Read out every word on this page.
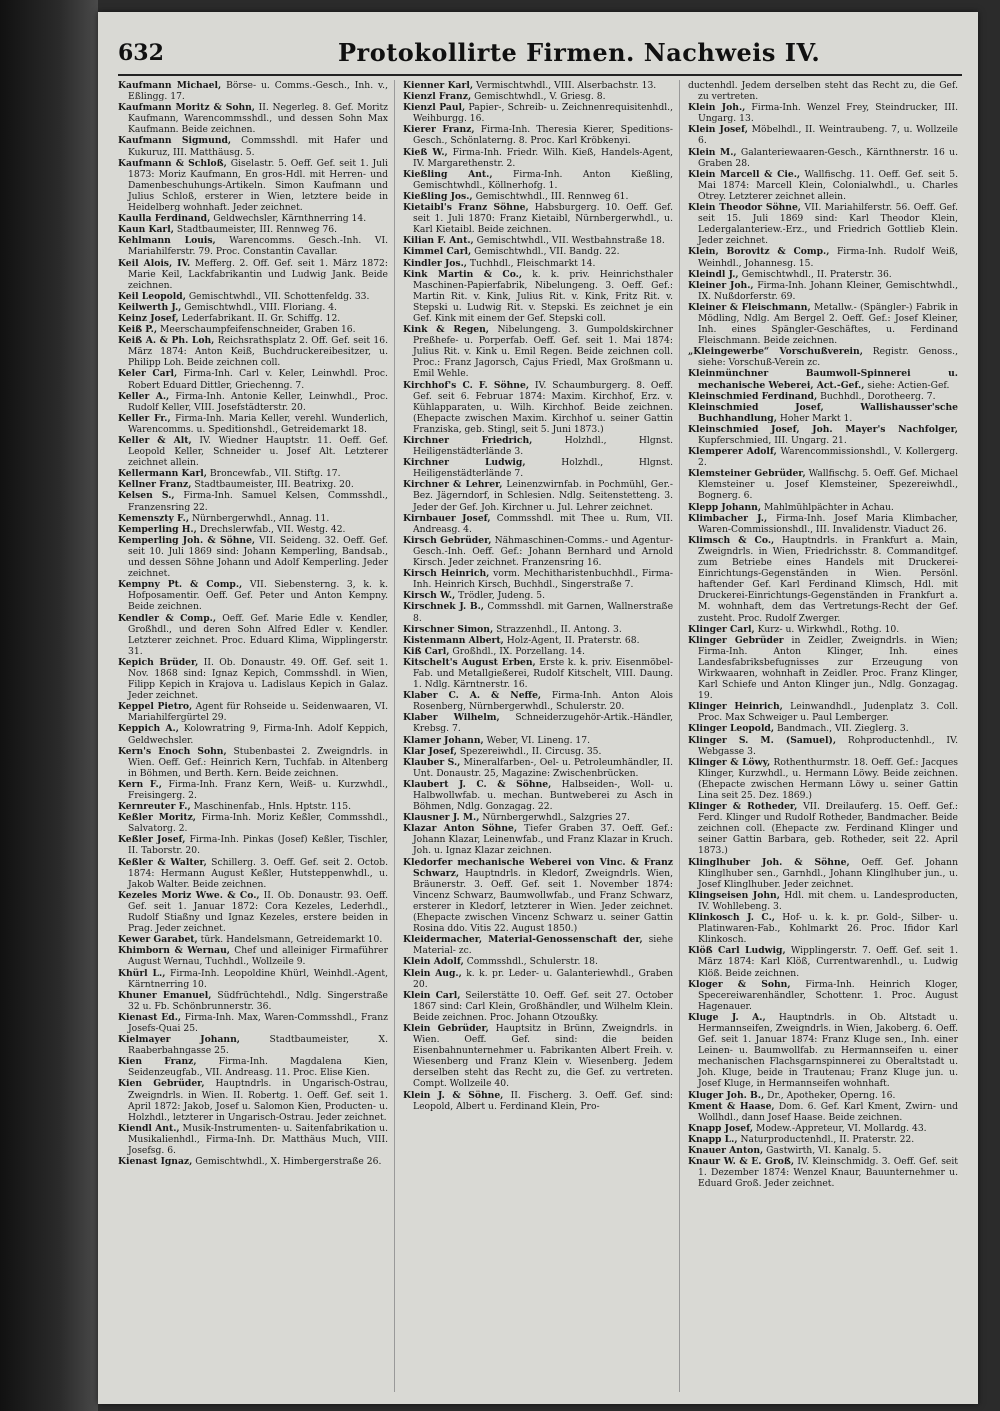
632	Protokollirte Firmen. Nachweis IV.
Kaufmann Michael, Börse- u. Comms.-Gesch., Inh. v., Eßlingg. 17.
Kaufmann Moritz & Sohn, II. Negerleg. 8. Gef. Moritz Kaufmann, Warencommsshdl., und dessen Sohn Max Kaufmann. Beide zeichnen.
Kaufmann Sigmund, Commsshdl. mit Hafer und Kukuruz, III. Matthäusg. 5.
Kaufmann & Schloß, Giselastr. 5. Oeff. Gef. seit 1. Juli 1873: Moriz Kaufmann, En gros-Hdl. mit Herren- und Damenbeschuhungs-Artikeln. Simon Kaufmann und Julius Schloß, ersterer in Wien, letztere beide in Heidelberg wohnhaft. Jeder zeichnet.
Kaulla Ferdinand, Geldwechsler, Kärnthnerring 14.
Kaun Karl, Stadtbaumeister, III. Rennweg 76.
Kehlmann Louis, Warencomms. Gesch.-Inh. VI. Mariahilferstr. 79. Proc. Constantin Cavallar.
Keil Alois, IV. Mefferg. 2. Off. Gef. seit 1. März 1872: Marie Keil, Lackfabrikantin und Ludwig Jank. Beide zeichnen.
Keil Leopold, Gemischtwhdl., VII. Schottenfeldg. 33.
Keilwerth J., Gemischtwhdl., VIII. Floriang. 4.
Keinz Josef, Lederfabrikant. II. Gr. Schiffg. 12.
Keiß P., Meerschaumpfeifenschneider, Graben 16.
Keiß A. & Ph. Loh, Reichsrathsplatz 2. Off. Gef. seit 16. März 1874: Anton Keiß, Buchdruckereibesitzer, u. Philipp Loh. Beide zeichnen coll.
Keler Carl, Firma-Inh. Carl v. Keler, Leinwhdl. Proc. Robert Eduard Dittler, Griechenng. 7.
Keller A., Firma-Inh. Antonie Keller, Leinwhdl., Proc. Rudolf Keller, VIII. Josefstädterstr. 20.
Keller Fr., Firma-Inh. Maria Keller, verehl. Wunderlich, Warencomms. u. Speditionshdl., Getreidemarkt 18.
Keller & Alt, IV. Wiedner Hauptstr. 11. Oeff. Gef. Leopold Keller, Schneider u. Josef Alt. Letzterer zeichnet allein.
Kellermann Karl, Broncewfab., VII. Stiftg. 17.
Kellner Franz, Stadtbaumeister, III. Beatrixg. 20.
Kelsen S., Firma-Inh. Samuel Kelsen, Commsshdl., Franzensring 22.
Kemenszty F., Nürnbergerwhdl., Annag. 11.
Kemperling H., Drechslerwfab., VII. Westg. 42.
Kemperling Joh. & Söhne, VII. Seideng. 32. Oeff. Gef. seit 10. Juli 1869 sind: Johann Kemperling, Bandsab., und dessen Söhne Johann und Adolf Kemperling. Jeder zeichnet.
Kempny Pt. & Comp., VII. Siebensterng. 3, k. k. Hofposamentir. Oeff. Gef. Peter und Anton Kempny. Beide zeichnen.
Kendler & Comp., Oeff. Gef. Marie Edle v. Kendler, Großhdl., und deren Sohn Alfred Edler v. Kendler. Letzterer zeichnet. Proc. Eduard Klima, Wipplingerstr. 31.
Kepich Brüder, II. Ob. Donaustr. 49. Off. Gef. seit 1. Nov. 1868 sind: Ignaz Kepich, Commsshdl. in Wien, Filipp Kepich in Krajova u. Ladislaus Kepich in Galaz. Jeder zeichnet.
Keppel Pietro, Agent für Rohseide u. Seidenwaaren, VI. Mariahilfergürtel 29.
Keppich A., Kolowratring 9, Firma-Inh. Adolf Keppich, Geldwechsler.
Kern's Enoch Sohn, Stubenbastei 2. Zweigndrls. in Wien. Oeff. Gef.: Heinrich Kern, Tuchfab. in Altenberg in Böhmen, und Berth. Kern. Beide zeichnen.
Kern F., Firma-Inh. Franz Kern, Weiß- u. Kurzwhdl., Freisingerg. 2.
Kernreuter F., Maschinenfab., Hnls. Hptstr. 115.
Keßler Moritz, Firma-Inh. Moriz Keßler, Commsshdl., Salvatorg. 2.
Keßler Josef, Firma-Inh. Pinkas (Josef) Keßler, Tischler, II. Taborstr. 20.
Keßler & Walter, Schillerg. 3. Oeff. Gef. seit 2. Octob. 1874: Hermann August Keßler, Hutsteppenwhdl., u. Jakob Walter. Beide zeichnen.
Kezeles Moriz Wwe. & Co., II. Ob. Donaustr. 93. Oeff. Gef. seit 1. Januar 1872: Cora Kezeles, Lederhdl., Rudolf Stiaßny und Ignaz Kezeles, erstere beiden in Prag. Jeder zeichnet.
Kewer Garabet, türk. Handelsmann, Getreidemarkt 10.
Khimborn & Wernau, Chef und alleiniger Firmaführer August Wernau, Tuchhdl., Wollzeile 9.
Khürl L., Firma-Inh. Leopoldine Khürl, Weinhdl.-Agent, Kärntnerring 10.
Khuner Emanuel, Südfrüchtehdl., Ndlg. Singerstraße 32 u. Fb. Schönbrunnerstr. 36.
Kienast Ed., Firma-Inh. Max, Waren-Commsshdl., Franz Josefs-Quai 25.
Kielmayer Johann,	Stadtbaumeister, X. Raaberbahngasse 25.
Kien Franz, Firma-Inh. Magdalena Kien, Seidenzeugfab., VII. Andreasg. 11. Proc. Elise Kien.
Kien Gebrüder, Hauptndrls. in Ungarisch-Ostrau, Zweigndrls. in Wien. II. Robertg. 1. Oeff. Gef. seit 1. April 1872: Jakob, Josef u. Salomon Kien, Producten- u. Holzhdl., letzterer in Ungarisch-Ostrau. Jeder zeichnet.
Kiendl Ant., Musik-Instrumenten- u. Saitenfabrikation u. Musikalienhdl., Firma-Inh. Dr. Matthäus Much, VIII. Josefsg. 6.
Kienast Ignaz, Gemischtwhdl., X. Himbergerstraße 26.
Kienner Karl, Vermischtwhdl., VIII. Alserbachstr. 13.
Kienzl Franz, Gemischtwhdl., V. Griesg. 8.
Kienzl Paul, Papier-, Schreib- u. Zeichnenrequisitenhdl., Weihburgg. 16.
Kierer Franz, Firma-Inh. Theresia Kierer, Speditions-Gesch., Schönlaterng. 8. Proc. Karl Kröbkenyi.
Kieß W., Firma-Inh. Friedr. Wilh. Kieß, Handels-Agent, IV. Margarethenstr. 2.
Kießling Ant., Firma-Inh. Anton Kießling, Gemischtwhdl., Köllnerhofg. 1.
Kießling Jos., Gemischtwhdl., III. Rennweg 61.
Kietaibl's Franz Söhne, Habsburgerg. 10. Oeff. Gef. seit 1. Juli 1870: Franz Kietaibl, Nürnbergerwhdl., u. Karl Kietaibl. Beide zeichnen.
Kilian F. Ant., Gemischtwhdl., VII. Westbahnstraße 18.
Kimmel Carl, Gemischtwhdl., VII. Bandg. 22.
Kindler Jos., Tuchhdl., Fleischmarkt 14.
Kink Martin & Co., k. k. priv. Heinrichsthaler Maschinen-Papierfabrik, Nibelungeng. 3. Oeff. Gef.: Martin Rit. v. Kink, Julius Rit. v. Kink, Fritz Rit. v. Stepski u. Ludwig Rit. v. Stepski. Es zeichnet je ein Gef. Kink mit einem der Gef. Stepski coll.
Kink & Regen, Nibelungeng. 3. Gumpoldskirchner Preßhefe- u. Porperfab. Oeff. Gef. seit 1. Mai 1874: Julius Rit. v. Kink u. Emil Regen. Beide zeichnen coll. Proc.: Franz Jagorsch, Cajus Friedl, Max Großmann u. Emil Wehle.
Kirchhof's C. F. Söhne, IV. Schaumburgerg. 8. Oeff. Gef. seit 6. Februar 1874: Maxim. Kirchhof, Erz. v. Kühlapparaten, u. Wilh. Kirchhof. Beide zeichnen. (Ehepacte zwischen Maxim. Kirchhof u. seiner Gattin Franziska, geb. Stingl, seit 5. Juni 1873.)
Kirchner Friedrich,	Holzhdl., Hlgnst. Heiligenstädterlände 3.
Kirchner Ludwig,	Holzhdl., Hlgnst. Heiligenstädterlände 7.
Kirchner & Lehrer, Leinenzwirnfab. in Pochmühl, Ger.-Bez. Jägerndorf, in Schlesien. Ndlg. Seitenstetteng. 3. Jeder der Gef. Joh. Kirchner u. Jul. Lehrer zeichnet.
Kirnbauer Josef, Commsshdl. mit Thee u. Rum, VII. Andreasg. 4.
Kirsch Gebrüder, Nähmaschinen-Comms.- und Agentur-Gesch.-Inh. Oeff. Gef.: Johann Bernhard und Arnold Kirsch. Jeder zeichnet. Franzensring 16.
Kirsch Heinrich, vorm. Mechitharistenbuchhdl., Firma-Inh. Heinrich Kirsch, Buchhdl., Singerstraße 7.
Kirsch W., Trödler, Judeng. 5.
Kirschnek J. B., Commsshdl. mit Garnen, Wallnerstraße 8.
Kirschner Simon, Strazzenhdl., II. Antong. 3.
Kistenmann Albert, Holz-Agent, II. Praterstr. 68.
Kiß Carl, Großhdl., IX. Porzellang. 14.
Kitschelt's August Erben, Erste k. k. priv. Eisenmöbel-Fab. und Metallgießerei, Rudolf Kitschelt, VIII. Daung. 1. Ndlg. Kärntnerstr. 16.
Klaber C. A. & Neffe, Firma-Inh. Anton Alois Rosenberg, Nürnbergerwhdl., Schulerstr. 20.
Klaber Wilhelm, Schneiderzugehör-Artik.-Händler, Krebsg. 7.
Klamer Johann, Weber, VI. Lineng. 17.
Klar Josef, Spezereiwhdl., II. Circusg. 35.
Klauber S., Mineralfarben-, Oel- u. Petroleumhändler, II. Unt. Donaustr. 25, Magazine: Zwischenbrücken.
Klaubert J. C. & Söhne, Halbseiden-, Woll- u. Halbwollwfab. u. mechan. Buntweberei zu Asch in Böhmen, Ndlg. Gonzagag. 22.
Klausner J. M., Nürnbergerwhdl., Salzgries 27.
Klazar Anton Söhne, Tiefer Graben 37. Oeff. Gef.: Johann Klazar, Leinenwfab., und Franz Klazar in Kruch. Joh. u. Ignaz Klazar zeichnen.
Kledorfer mechanische Weberei von Vinc. & Franz Schwarz, Hauptndrls. in Kledorf, Zweigndrls. Wien, Bräunerstr. 3. Oeff. Gef. seit 1. November 1874: Vincenz Schwarz, Baumwollwfab., und Franz Schwarz, ersterer in Kledorf, letzterer in Wien. Jeder zeichnet. (Ehepacte zwischen Vincenz Schwarz u. seiner Gattin Rosina ddo. Vitis 22. August 1850.)
Kleidermacher, Material-Genossenschaft der, siehe Material- zc.
Klein Adolf, Commsshdl., Schulerstr. 18.
Klein Aug., k. k. pr. Leder- u. Galanteriewhdl., Graben 20.
Klein Carl, Seilerstätte 10. Oeff. Gef. seit 27. October 1867 sind: Carl Klein, Großhändler, und Wilhelm Klein. Beide zeichnen. Proc. Johann Otzoußky.
Klein Gebrüder, Hauptsitz in Brünn, Zweigndrls. in Wien. Oeff. Gef. sind: die beiden Eisenbahnunternehmer u. Fabrikanten Albert Freih. v. Wiesenberg und Franz Klein v. Wiesenberg. Jedem derselben steht das Recht zu, die Gef. zu vertreten. Compt. Wollzeile 40.
Klein J. & Söhne, II. Fischerg. 3. Oeff. Gef. sind: Leopold, Albert u. Ferdinand Klein, Pro-
ductenhdl. Jedem derselben steht das Recht zu, die Gef. zu vertreten.
Klein Joh., Firma-Inh. Wenzel Frey, Steindrucker, III. Ungarg. 13.
Klein Josef, Möbelhdl., II. Weintraubeng. 7, u. Wollzeile 6.
Klein M., Galanteriewaaren-Gesch., Kärnthnerstr. 16 u. Graben 28.
Klein Marcell & Cie., Wallfischg. 11. Oeff. Gef. seit 5. Mai 1874: Marcell Klein, Colonialwhdl., u. Charles Otrey. Letzterer zeichnet allein.
Klein Theodor Söhne, VII. Mariahilferstr. 56. Oeff. Gef. seit 15. Juli 1869 sind: Karl Theodor Klein, Ledergalanteriew.-Erz., und Friedrich Gottlieb Klein. Jeder zeichnet.
Klein, Borovitz & Comp., Firma-Inh. Rudolf Weiß, Weinhdl., Johannesg. 15.
Kleindl J., Gemischtwhdl., II. Praterstr. 36.
Kleiner Joh., Firma-Inh. Johann Kleiner, Gemischtwhdl., IX. Nußdorferstr. 69.
Kleiner & Fleischmann, Metallw.- (Spängler-) Fabrik in Mödling, Ndlg. Am Bergel 2. Oeff. Gef.: Josef Kleiner, Inh. eines Spängler-Geschäftes, u. Ferdinand Fleischmann. Beide zeichnen.
„Kleingewerbe“ Vorschußverein, Registr. Genoss., siehe: Vorschuß-Verein zc.
Kleinmünchner Baumwoll-Spinnerei u. mechanische Weberei, Act.-Gef., siehe: Actien-Gef.
Kleinschmied Ferdinand, Buchhdl., Dorotheerg. 7.
Kleinschmied Josef, Wallishausser'sche Buchhandlung, Hoher Markt 1.
Kleinschmied Josef, Joh. Mayer's Nachfolger, Kupferschmied, III. Ungarg. 21.
Klemperer Adolf, Warencommissionshdl., V. Kollergerg. 2.
Klemsteiner Gebrüder, Wallfischg. 5. Oeff. Gef. Michael Klemsteiner u. Josef Klemsteiner, Spezereiwhdl., Bognerg. 6.
Klepp Johann, Mahlmühlpächter in Achau.
Klimbacher J., Firma-Inh. Josef Maria Klimbacher, Waren-Commissionshdl., III. Invalidenstr. Viaduct 26.
Klimsch & Co., Hauptndrls. in Frankfurt a. Main, Zweigndrls. in Wien, Friedrichsstr. 8. Commanditgef. zum Betriebe eines Handels mit Druckerei-Einrichtungs-Gegenständen in Wien. Persönl. haftender Gef. Karl Ferdinand Klimsch, Hdl. mit Druckerei-Einrichtungs-Gegenständen in Frankfurt a. M. wohnhaft, dem das Vertretungs-Recht der Gef. zusteht. Proc. Rudolf Zwerger.
Klinger Carl, Kurz- u. Wirkwhdl., Rothg. 10.
Klinger Gebrüder in Zeidler, Zweigndrls. in Wien; Firma-Inh. Anton Klinger, Inh. eines Landesfabriksbefugnisses zur Erzeugung von Wirkwaaren, wohnhaft in Zeidler. Proc. Franz Klinger, Karl Schiefe und Anton Klinger jun., Ndlg. Gonzagag. 19.
Klinger Heinrich, Leinwandhdl., Judenplatz 3. Coll. Proc. Max Schweiger u. Paul Lemberger.
Klinger Leopold, Bandmach., VII. Zieglerg. 3.
Klinger S. M. (Samuel), Rohproductenhdl., IV. Webgasse 3.
Klinger & Löwy, Rothenthurmstr. 18. Oeff. Gef.: Jacques Klinger, Kurzwhdl., u. Hermann Löwy. Beide zeichnen. (Ehepacte zwischen Hermann Löwy u. seiner Gattin Lina seit 25. Dez. 1869.)
Klinger & Rotheder, VII. Dreilauferg. 15. Oeff. Gef.: Ferd. Klinger und Rudolf Rotheder, Bandmacher. Beide zeichnen coll. (Ehepacte zw. Ferdinand Klinger und seiner Gattin Barbara, geb. Rotheder, seit 22. April 1873.)
Klinglhuber Joh. & Söhne, Oeff. Gef. Johann Klinglhuber sen., Garnhdl., Johann Klinglhuber jun., u. Josef Klinglhuber. Jeder zeichnet.
Klingseisen John, Hdl. mit chem. u. Landesproducten, IV. Wohllebeng. 3.
Klinkosch J. C., Hof- u. k. k. pr. Gold-, Silber- u. Platinwaren-Fab., Kohlmarkt 26. Proc. Ifidor Karl Klinkosch.
Klöß Carl Ludwig, Wipplingerstr. 7. Oeff. Gef. seit 1. März 1874: Karl Klöß, Currentwarenhdl., u. Ludwig Klöß. Beide zeichnen.
Kloger & Sohn, Firma-Inh. Heinrich Kloger, Specereiwarenhändler, Schottenr. 1. Proc. August Hagenauer.
Kluge J. A., Hauptndrls. in Ob. Altstadt u. Hermannseifen, Zweigndrls. in Wien, Jakoberg. 6. Oeff. Gef. seit 1. Januar 1874: Franz Kluge sen., Inh. einer Leinen- u. Baumwollfab. zu Hermannseifen u. einer mechanischen Flachsgarnspinnerei zu Oberaltstadt u. Joh. Kluge, beide in Trautenau; Franz Kluge jun. u. Josef Kluge, in Hermannseifen wohnhaft.
Kluger Joh. B., Dr., Apotheker, Operng. 16.
Kment & Haase, Dom. 6. Gef. Karl Kment, Zwirn- und Wollhdl., dann Josef Haase. Beide zeichnen.
Knapp Josef, Modew.-Appreteur, VI. Mollardg. 43.
Knapp L., Naturproductenhdl., II. Praterstr. 22.
Knauer Anton, Gastwirth, VI. Kanalg. 5.
Knaur W. & E. Groß, IV. Kleinschmidg. 3. Oeff. Gef. seit 1. Dezember 1874: Wenzel Knaur, Bauunternehmer u. Eduard Groß. Jeder zeichnet.
